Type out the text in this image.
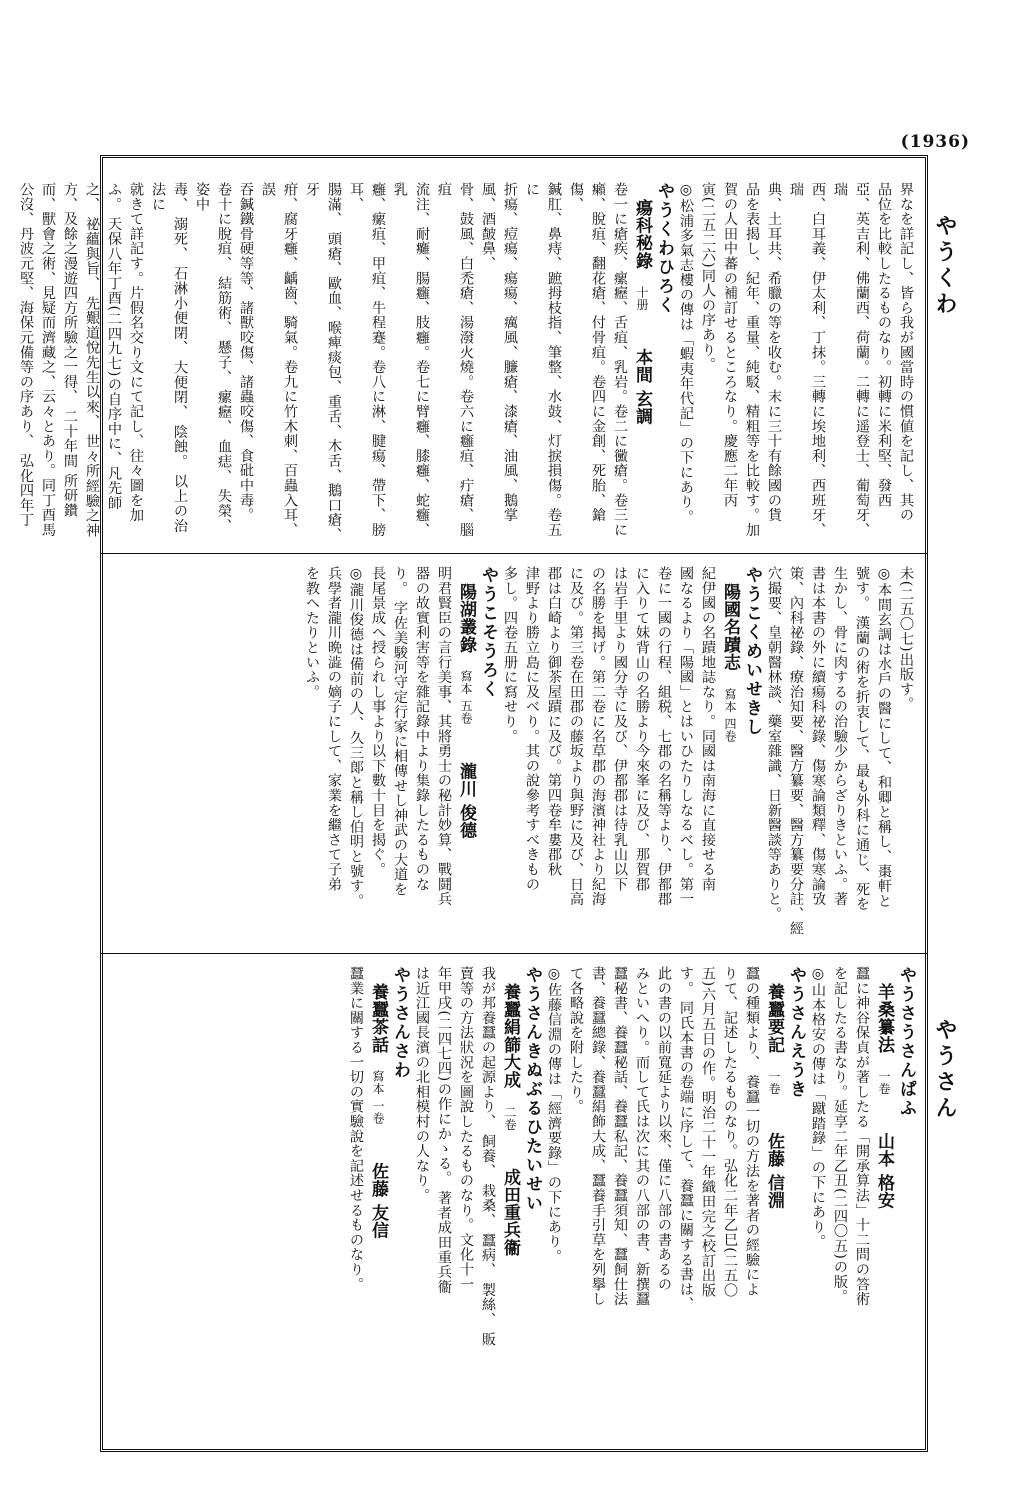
(1936)
やうくわ
やうさん

界なを詳記し、皆ら我が國當時の慣値を記し、其の

品位を比較したるものなり。初轉に米利堅、發西

亞、英吉利、佛蘭西、荷蘭。二轉に遥登士、葡萄牙、瑞

西、白耳義、伊太利、丁抹。三轉に埃地利、西班牙、瑞

典、土耳共、希臘の等を收む。末に三十有餘國の貨

品を表揭し、紀年、重量、純駁、精粗等を比較す。加

賀の人田中蕃の補訂せるところなり。慶應二年丙

寅(二五二六)同人の序あり。

◎松浦多氣志樓の傳は「蝦夷年代記」の下にあり。

やうくわひろく

瘍科秘錄十册本間 玄調

卷一に瘡疾、瘰癧、舌疽、乳岩。卷二に黴瘡。卷三に

癩、脫疽、翻花瘡、付骨疽。卷四に金創、死胎、鎗傷、

鍼肛、鼻痔、蹠拇枝指、筆整、水鼓、灯捩損傷。卷五に

折瘍、痘瘍、瘍瘍、癘風、臁瘡、漆瘡、油風、鵝掌風、酒皶鼻、

骨、鼓風、白禿瘡、湯潑火燒。卷六に癰疽、疔瘡、腦疽

流注、耐癱、腸癰、肢癰。卷七に臂癰、膝癰、蛇癰、乳

癰、瘰疽、甲疽、牛程蹇。卷八に淋、腱瘍、帶下、膀耳、

腸滿、 頭瘡、歐血、喉痺痰包、重舌、木舌、鵝口瘡、牙

疳、腐牙癰、齲齒、騎氣。卷九に竹木刺、百蟲入耳、誤

吞鍼鐵骨硬等等、諸獸咬傷、諸蟲咬傷、食砒中毒。

卷十に脫疽、 結筋術、 懸子、 瘰癧、 血痣、 失榮、 姿中

毒、 溺死、 石淋小便閉、 大便閉、 陰蝕。 以上の治法に

就きて詳記す。片假名交り文にて記し、往々圖を加

ふ。 天保八年丁酉(二四九七)の自序中に、凡先師

之、 祕蘊與旨、 先艱道悅先生以來、 世々所經驗之神

方、及餘之漫遊四方所驗之一得、 二十年間 所研鑽

而、獸會之術、見疑而濟藏之、云々とあり。同丁酉馬

公沒、丹波元堅、海保元備等の序あり、 弘化四年丁

未(二五〇七)出版す。

◎本間玄調は水戶の醫にして、和卿と稱し、棗軒と

號す。 漢蘭の術を折衷して、最も外科に通じ、死を

生かし、骨に肉するの治驗少からざりきといふ。著

書は本書の外に續瘍科祕錄、傷寒論類釋、傷寒論攷

策、內科祕錄、療治知要、醫方纂要、醫方纂要分註、經

穴撮要、皇朝醫林談、藥室雜識、日新醫談等ありと。

やうこくめいせきし

陽國名蹟志寫本 四卷

紀伊國の名蹟地誌なり。同國は南海に直接せる南

國なるより「陽國」とはいひたりしなるべし。第一

卷に一國の行程、組税、七郡の名稱等より、伊都郡

に入りて妹背山の名勝より今來峯に及び、那賀郡

は岩手里より國分寺に及び、伊都郡は待乳山以下

の名勝を揭げ。第二卷に名草郡の海濱神社より紀海

に及び。第三卷在田郡の藤坂より與野に及び、日高

郡は白崎より御茶屋蹟に及び。第四卷牟婁郡秋

津野より勝立島に及べり。其の說參考すべきもの

多し。四卷五册に寫せり。

やうこそうろく

陽湖叢錄寫本 五卷瀧川 俊德

明君賢臣の言行美事、其將勇士の秘計妙算、戰鬪兵

器の故實利害等を雜記錄中より集錄したるものな

り。 字佐美駿河守定行家に相傳せし神武の大道を

長尾景成へ授られし事より以下數十目を揭ぐ。

◎瀧川俊德は備前の人、久三郞と稱し伯明と號す。

兵學者瀧川晩澁の嫡子にして、家業を繼さて子弟

を教へたりといふ。

やうさうさんぱふ

羊桑纂法一卷山本 格安

蠶に神谷保貞が著したる「開承算法」十二問の答術

を記したる書なり。延享二年乙丑(二四〇五)の版。

◎山本格安の傳は「蹴踏錄」の下にあり。

やうさんえうき

養蠶要記一卷佐藤 信淵

蠶の種類より、 養蠶一切の方法を著者の經驗によ

りて、記述したるものなり。弘化二年乙巳(二五〇

五)六月五日の作。明治二十一年織田完之校訂出版

す。 同氏本書の卷端に序して、養蠶に關する書は、

此の書の以前寬延より以來、僅に八部の書あるの

みといへり。而して氏は次に其の八部の書、新撰蠶

蠶秘書、養蠶秘話、養蠶私記、養蠶須知、蠶飼仕法

書、養蠶總錄、養蠶絹飾大成、蠶養手引草を列擧し

て各略說を附したり。

◎佐藤信淵の傳は「經濟要錄」の下にあり。

やうさんきぬぶるひたいせい

養蠶絹篩大成二卷成田重兵衞

我が邦養蠶の起源より、 飼養、 栽桑、 蠶病、 製絲、 販

賣等の方法狀況を圖說したるものなり。文化十一

年甲戌(二四七四)の作にかゝる。 著者成田重兵衞

は近江國長濱の北相模村の人なり。

やうさんさわ

養蠶茶話寫本 一卷佐藤 友信

蠶業に關する一切の實驗說を記述せるものなり。
